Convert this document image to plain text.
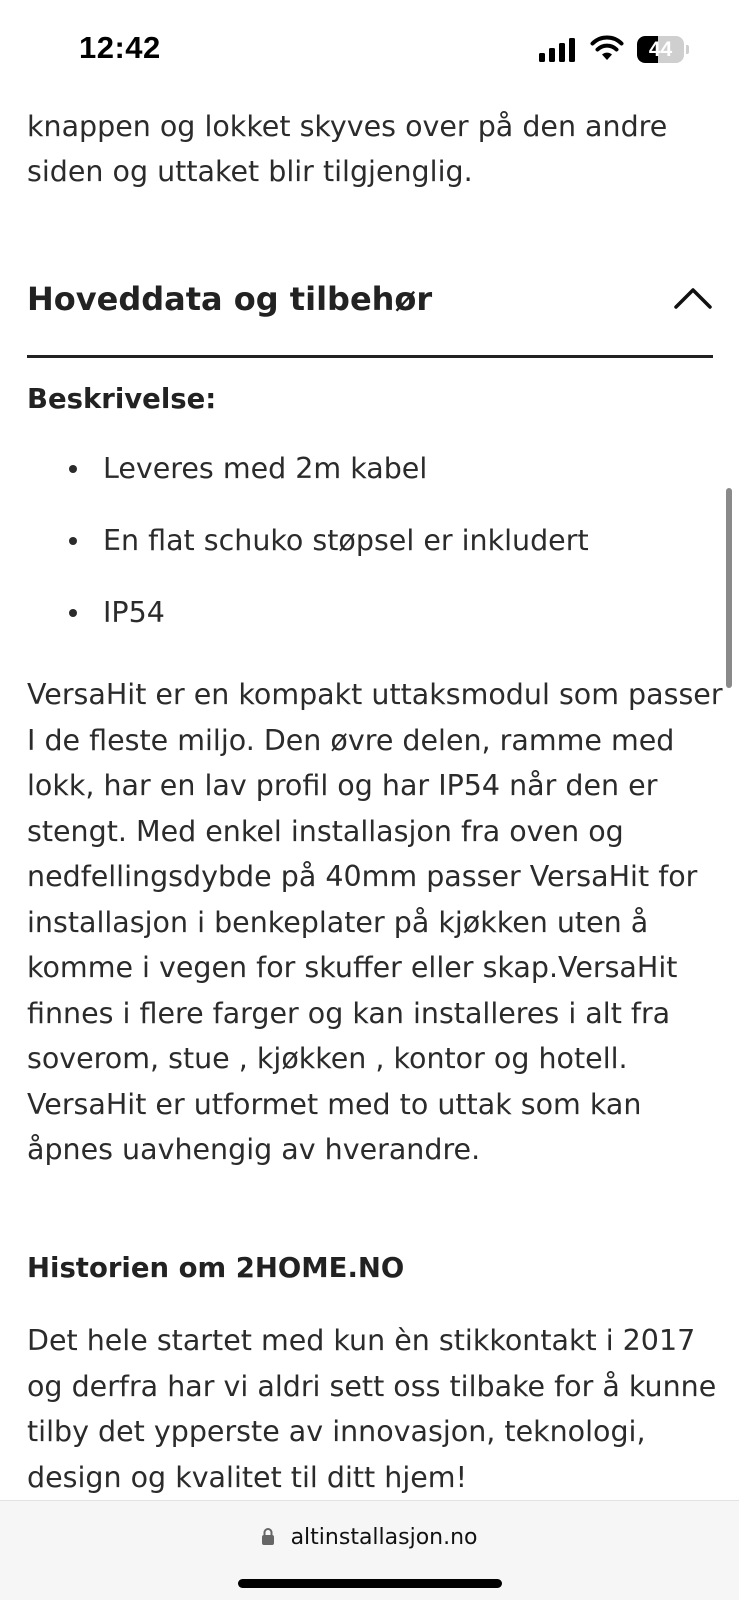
12:42	44

knappen og lokket skyves over på den andre siden og uttaket blir tilgjenglig.

Hoveddata og tilbehør
Beskrivelse:
Leveres med 2m kabel
En flat schuko støpsel er inkludert
IP54

VersaHit er en kompakt uttaksmodul som passer I de fleste miljo. Den øvre delen, ramme med lokk, har en lav profil og har IP54 når den er stengt. Med enkel installasjon fra oven og nedfellingsdybde på 40mm passer VersaHit for installasjon i benkeplater på kjøkken uten å komme i vegen for skuffer eller skap.VersaHit finnes i flere farger og kan installeres i alt fra soverom, stue , kjøkken , kontor og hotell. VersaHit er utformet med to uttak som kan åpnes uavhengig av hverandre.

Historien om 2HOME.NO

Det hele startet med kun èn stikkontakt i 2017 og derfra har vi aldri sett oss tilbake for å kunne tilby det ypperste av innovasjon, teknologi, design og kvalitet til ditt hjem!

altinstallasjon.no
